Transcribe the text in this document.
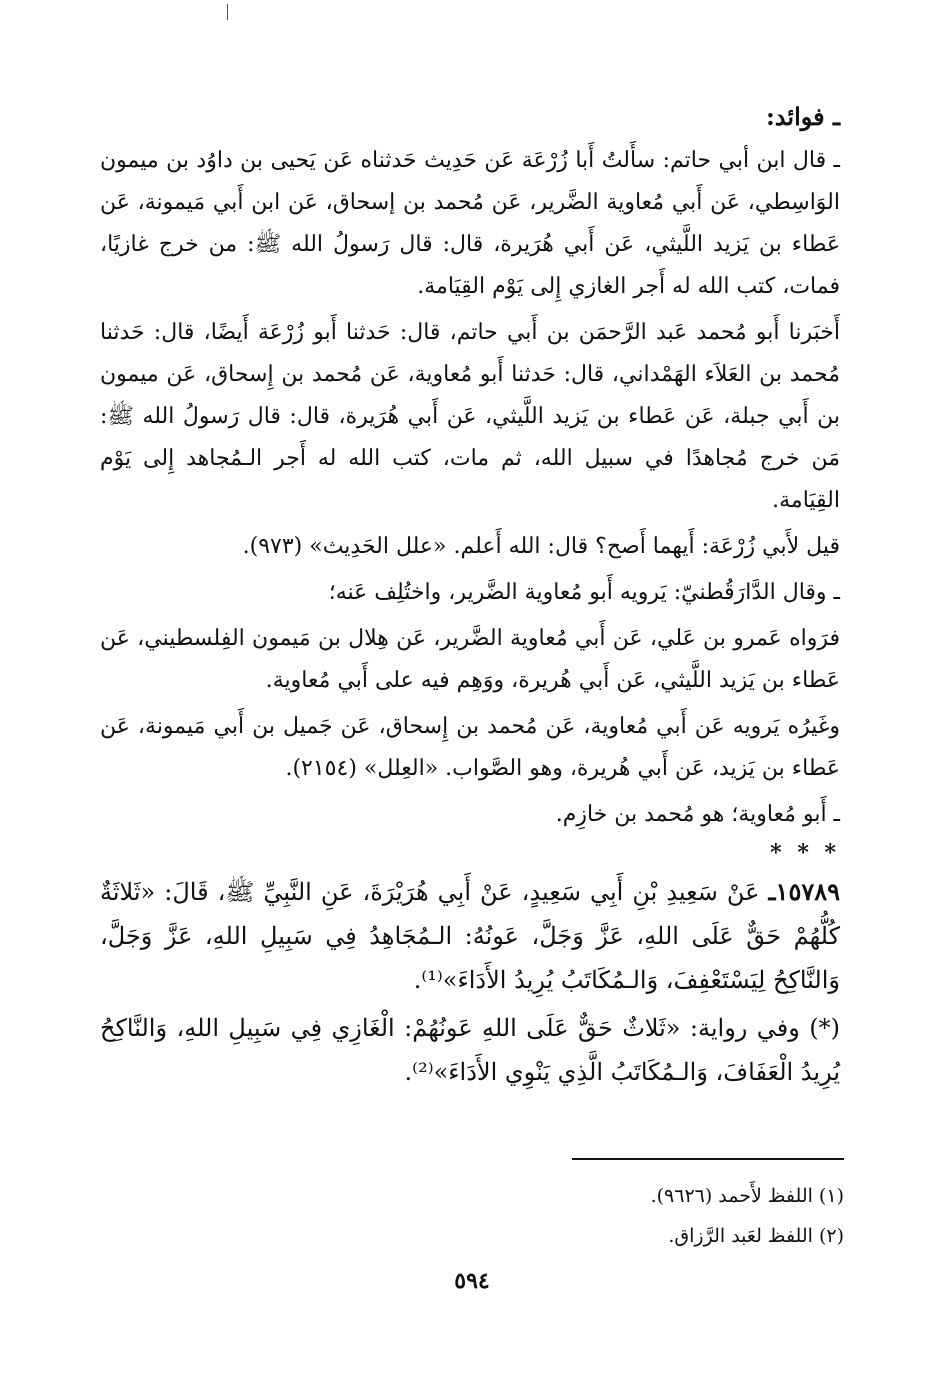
ـ فوائد:

ـ قال ابن أبي حاتم: سأَلتُ أَبا زُرْعَة عَن حَدِيث حَدثناه عَن يَحيى بن داوُد بن ميمون الوَاسِطي، عَن أَبي مُعاوية الضَّرير، عَن مُحمد بن إسحاق، عَن ابن أَبي مَيمونة، عَن عَطاء بن يَزيد اللَّيثي، عَن أَبي هُرَيرة، قال: قال رَسولُ الله ﷺ: من خرج غازيًا، فمات، كتب الله له أَجر الغازي إِلى يَوْم القِيَامة.

أَخبَرنا أَبو مُحمد عَبد الرَّحمَن بن أَبي حاتم، قال: حَدثنا أَبو زُرْعَة أَيضًا، قال: حَدثنا مُحمد بن العَلاَء الهَمْداني، قال: حَدثنا أَبو مُعاوية، عَن مُحمد بن إِسحاق، عَن ميمون بن أَبي جبلة، عَن عَطاء بن يَزيد اللَّيثي، عَن أَبي هُرَيرة، قال: قال رَسولُ الله ﷺ: مَن خرج مُجاهدًا في سبيل الله، ثم مات، كتب الله له أَجر الـمُجاهد إِلى يَوْم القِيَامة.

قيل لأَبي زُرْعَة: أَيهما أَصح؟ قال: الله أَعلم. «علل الحَدِيث» (٩٧٣).

ـ وقال الدَّارَقُطنيّ: يَرويه أَبو مُعاوية الضَّرير، واختُلِف عَنه؛

فرَواه عَمرو بن عَلي، عَن أَبي مُعاوية الضَّرير، عَن هِلال بن مَيمون الفِلسطيني، عَن عَطاء بن يَزيد اللَّيثي، عَن أَبي هُريرة، ووَهِم فيه على أَبي مُعاوية.

وغَيرُه يَرويه عَن أَبي مُعاوية، عَن مُحمد بن إِسحاق، عَن جَميل بن أَبي مَيمونة، عَن عَطاء بن يَزيد، عَن أَبي هُريرة، وهو الصَّواب. «العِلل» (٢١٥٤).

ـ أَبو مُعاوية؛ هو مُحمد بن خازِم.

* * *

١٥٧٨٩ـ عَنْ سَعِيدِ بْنِ أَبِي سَعِيدٍ، عَنْ أَبِي هُرَيْرَةَ، عَنِ النَّبِيِّ ﷺ، قَالَ: «ثَلاثَةٌ كُلُّهُمْ حَقٌّ عَلَى اللهِ، عَزَّ وَجَلَّ، عَونُهُ: الـمُجَاهِدُ فِي سَبِيلِ اللهِ، عَزَّ وَجَلَّ، وَالنَّاكِحُ لِيَسْتَعْفِفَ، وَالـمُكَاتَبُ يُرِيدُ الأَدَاءَ»⁽¹⁾.

(*) وفي رواية: «ثَلاثٌ حَقٌّ عَلَى اللهِ عَونُهُمْ: الْغَازِي فِي سَبِيلِ اللهِ، وَالنَّاكِحُ يُرِيدُ الْعَفَافَ، وَالـمُكَاتَبُ الَّذِي يَنْوِي الأَدَاءَ»⁽²⁾.

(١) اللفظ لأَحمد (٩٦٢٦).

(٢) اللفظ لعَبد الرَّزاق.

٥٩٤
